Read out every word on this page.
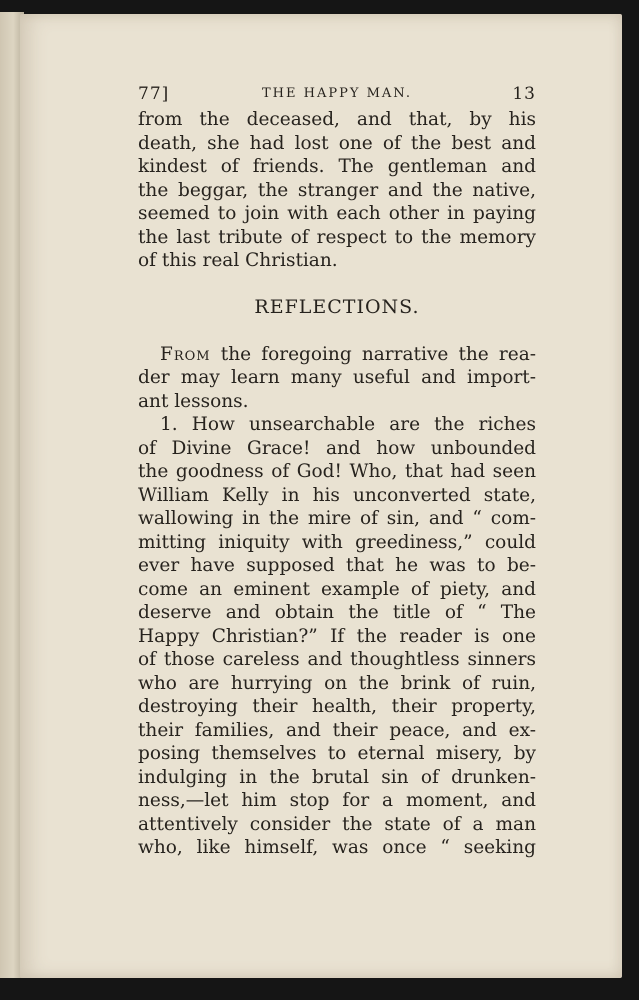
77]	THE HAPPY MAN.	13
from the deceased, and that, by his
death, she had lost one of the best and
kindest of friends. The gentleman and
the beggar, the stranger and the native,
seemed to join with each other in paying
the last tribute of respect to the memory
of this real Christian.
REFLECTIONS.
From the foregoing narrative the rea-
der may learn many useful and import-
ant lessons.
1. How unsearchable are the riches
of Divine Grace! and how unbounded
the goodness of God! Who, that had seen
William Kelly in his unconverted state,
wallowing in the mire of sin, and “ com-
mitting iniquity with greediness,” could
ever have supposed that he was to be-
come an eminent example of piety, and
deserve and obtain the title of “ The
Happy Christian?” If the reader is one
of those careless and thoughtless sinners
who are hurrying on the brink of ruin,
destroying their health, their property,
their families, and their peace, and ex-
posing themselves to eternal misery, by
indulging in the brutal sin of drunken-
ness,—let him stop for a moment, and
attentively consider the state of a man
who, like himself, was once “ seeking
